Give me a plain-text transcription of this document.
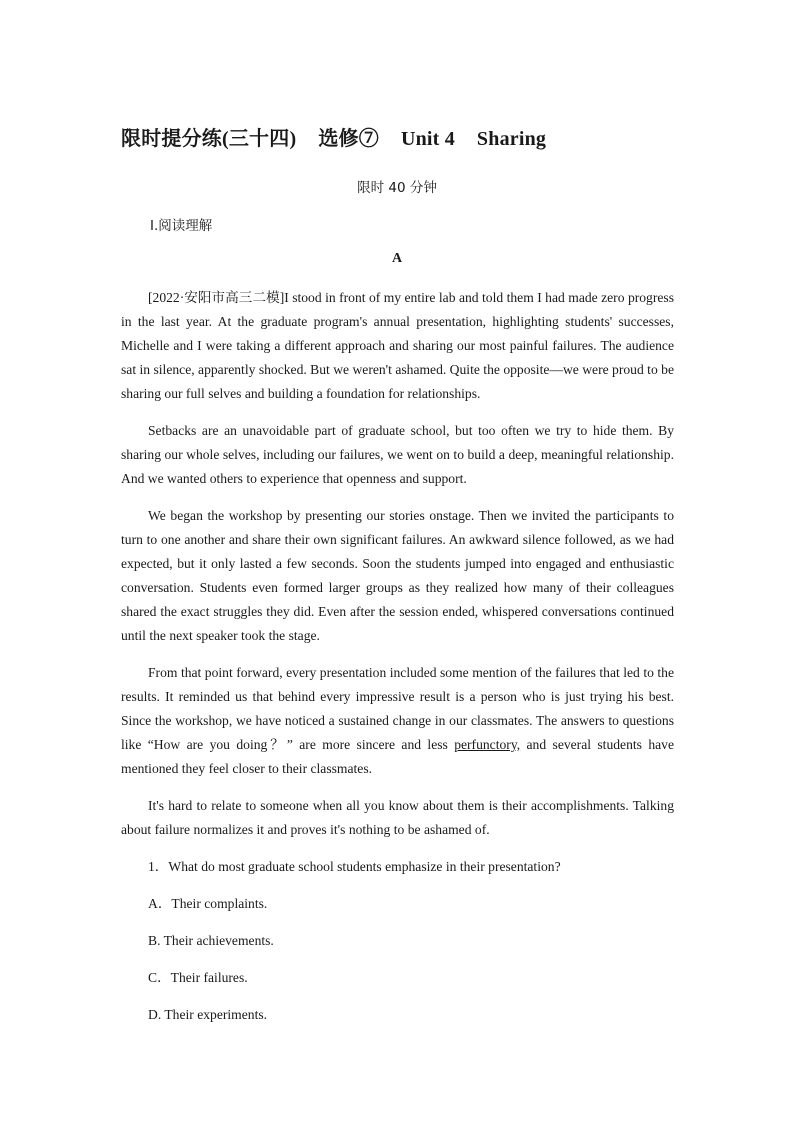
限时提分练(三十四) 选修⑦ Unit 4 Sharing
限时 40 分钟
Ⅰ.阅读理解
A

[2022·安阳市高三二模]I stood in front of my entire lab and told them I had made zero progress in the last year. At the graduate program's annual presentation, highlighting students' successes, Michelle and I were taking a different approach and sharing our most painful failures. The audience sat in silence, apparently shocked. But we weren't ashamed. Quite the opposite—we were proud to be sharing our full selves and building a foundation for relationships.

Setbacks are an unavoidable part of graduate school, but too often we try to hide them. By sharing our whole selves, including our failures, we went on to build a deep, meaningful relationship. And we wanted others to experience that openness and support.

We began the workshop by presenting our stories onstage. Then we invited the participants to turn to one another and share their own significant failures. An awkward silence followed, as we had expected, but it only lasted a few seconds. Soon the students jumped into engaged and enthusiastic conversation. Students even formed larger groups as they realized how many of their colleagues shared the exact struggles they did. Even after the session ended, whispered conversations continued until the next speaker took the stage.

From that point forward, every presentation included some mention of the failures that led to the results. It reminded us that behind every impressive result is a person who is just trying his best. Since the workshop, we have noticed a sustained change in our classmates. The answers to questions like “How are you doing？” are more sincere and less perfunctory, and several students have mentioned they feel closer to their classmates.

It's hard to relate to someone when all you know about them is their accomplishments. Talking about failure normalizes it and proves it's nothing to be ashamed of.

1．What do most graduate school students emphasize in their presentation?

A．Their complaints.

B. Their achievements.

C．Their failures.

D. Their experiments.
